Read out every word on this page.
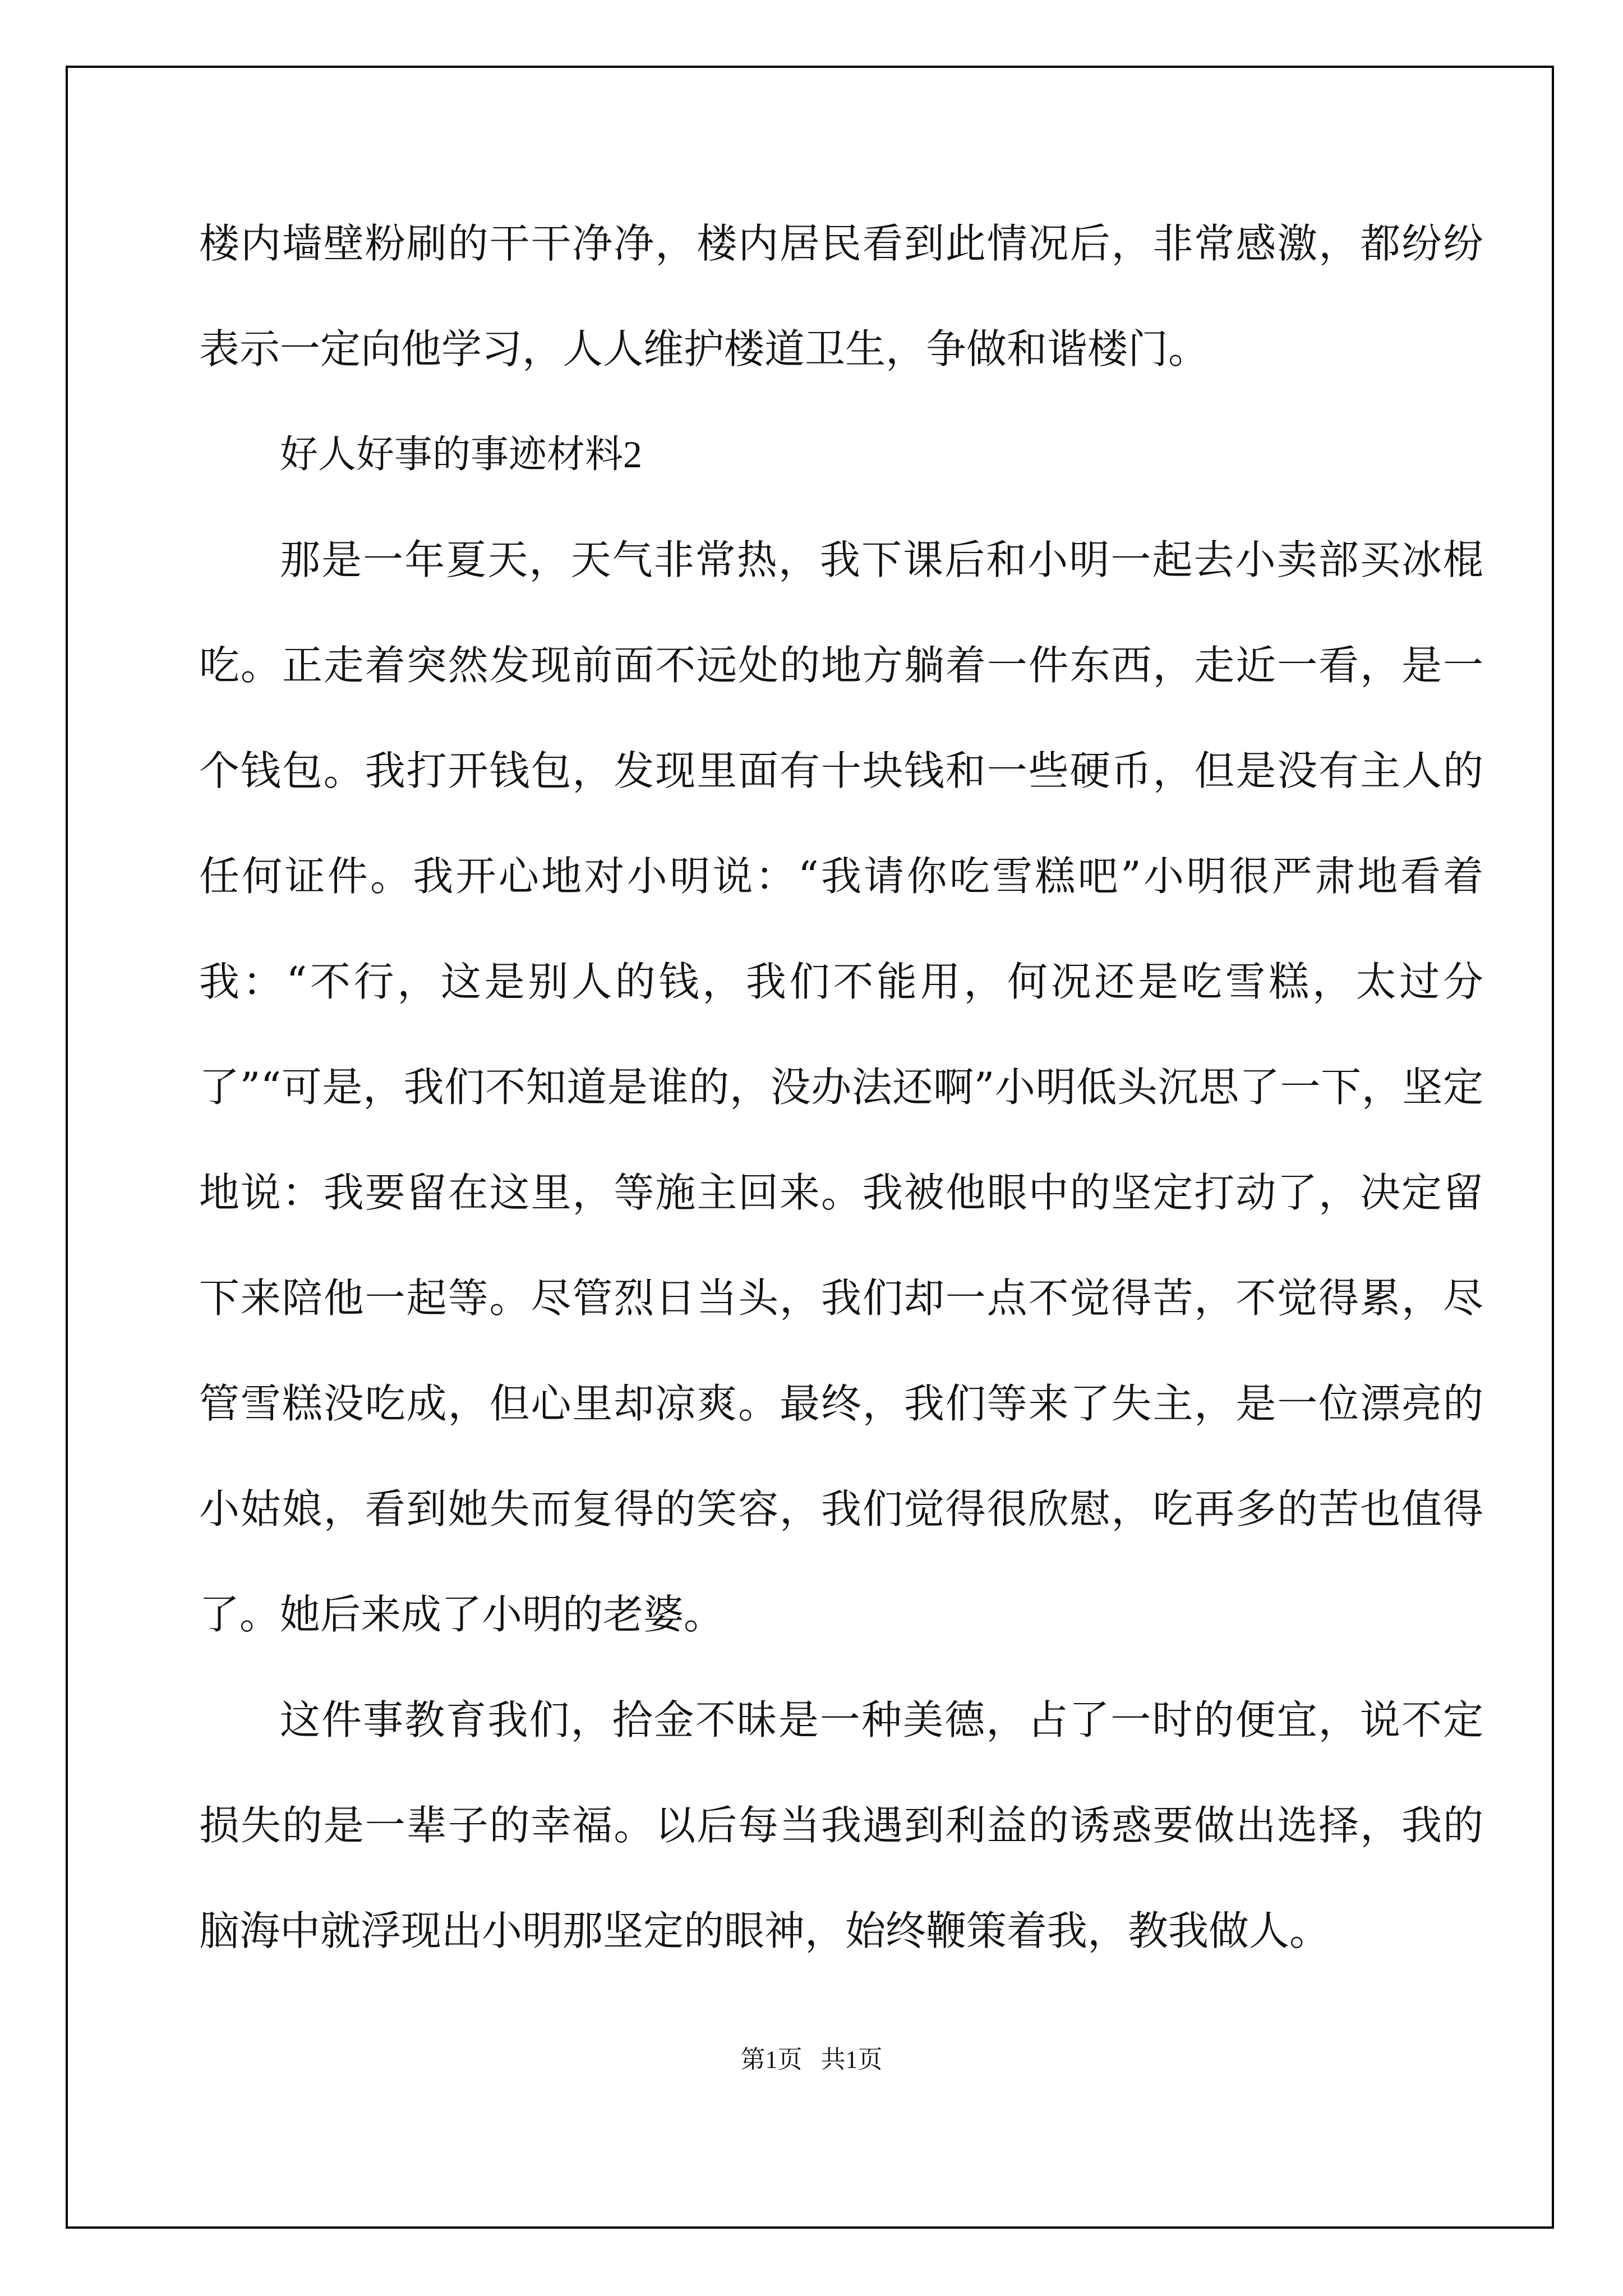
楼内墙壁粉刷的干干净净，楼内居民看到此情况后，非常感激，都纷纷表示一定向他学习，人人维护楼道卫生，争做和谐楼门。

好人好事的事迹材料2

那是一年夏天，天气非常热，我下课后和小明一起去小卖部买冰棍吃。正走着突然发现前面不远处的地方躺着一件东西，走近一看，是一个钱包。我打开钱包，发现里面有十块钱和一些硬币，但是没有主人的任何证件。我开心地对小明说：“我请你吃雪糕吧”小明很严肃地看着我：“不行，这是别人的钱，我们不能用，何况还是吃雪糕，太过分了”“可是，我们不知道是谁的，没办法还啊”小明低头沉思了一下，坚定地说：我要留在这里，等施主回来。我被他眼中的坚定打动了，决定留下来陪他一起等。尽管烈日当头，我们却一点不觉得苦，不觉得累，尽管雪糕没吃成，但心里却凉爽。最终，我们等来了失主，是一位漂亮的小姑娘，看到她失而复得的笑容，我们觉得很欣慰，吃再多的苦也值得了。她后来成了小明的老婆。

这件事教育我们，拾金不昧是一种美德，占了一时的便宜，说不定损失的是一辈子的幸福。以后每当我遇到利益的诱惑要做出选择，我的脑海中就浮现出小明那坚定的眼神，始终鞭策着我，教我做人。

第1页   共1页
